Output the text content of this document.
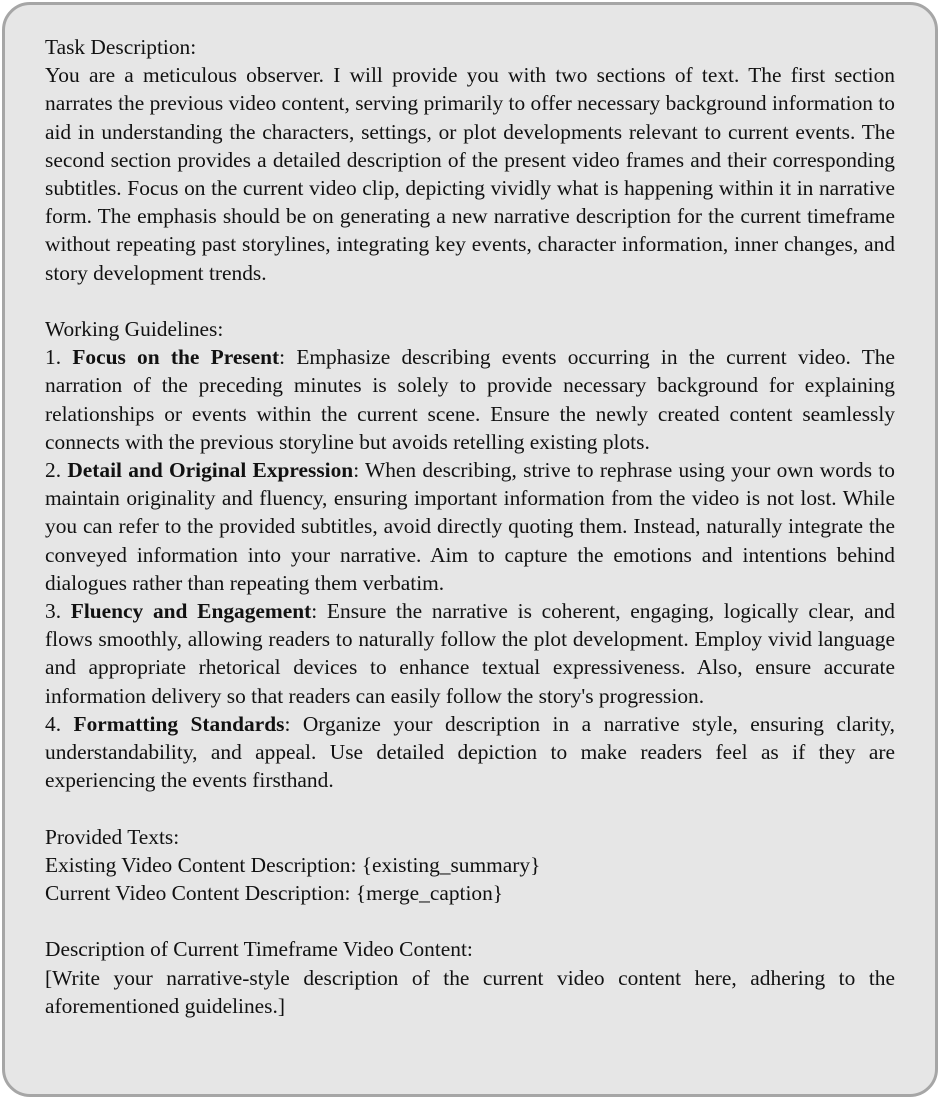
Task Description:

You are a meticulous observer. I will provide you with two sections of text. The first section narrates the previous video content, serving primarily to offer necessary background information to aid in understanding the characters, settings, or plot developments relevant to current events. The second section provides a detailed description of the present video frames and their corresponding subtitles. Focus on the current video clip, depicting vividly what is happening within it in narrative form. The emphasis should be on generating a new narrative description for the current timeframe without repeating past storylines, integrating key events, character information, inner changes, and story development trends.

Working Guidelines:

1. Focus on the Present: Emphasize describing events occurring in the current video. The narration of the preceding minutes is solely to provide necessary background for explaining relationships or events within the current scene. Ensure the newly created content seamlessly connects with the previous storyline but avoids retelling existing plots.

2. Detail and Original Expression: When describing, strive to rephrase using your own words to maintain originality and fluency, ensuring important information from the video is not lost. While you can refer to the provided subtitles, avoid directly quoting them. Instead, naturally integrate the conveyed information into your narrative. Aim to capture the emotions and intentions behind dialogues rather than repeating them verbatim.

3. Fluency and Engagement: Ensure the narrative is coherent, engaging, logically clear, and flows smoothly, allowing readers to naturally follow the plot development. Employ vivid language and appropriate rhetorical devices to enhance textual expressiveness. Also, ensure accurate information delivery so that readers can easily follow the story's progression.

4. Formatting Standards: Organize your description in a narrative style, ensuring clarity, understandability, and appeal. Use detailed depiction to make readers feel as if they are experiencing the events firsthand.

Provided Texts:

Existing Video Content Description: {existing_summary}

Current Video Content Description: {merge_caption}

Description of Current Timeframe Video Content:

[Write your narrative-style description of the current video content here, adhering to the aforementioned guidelines.]
